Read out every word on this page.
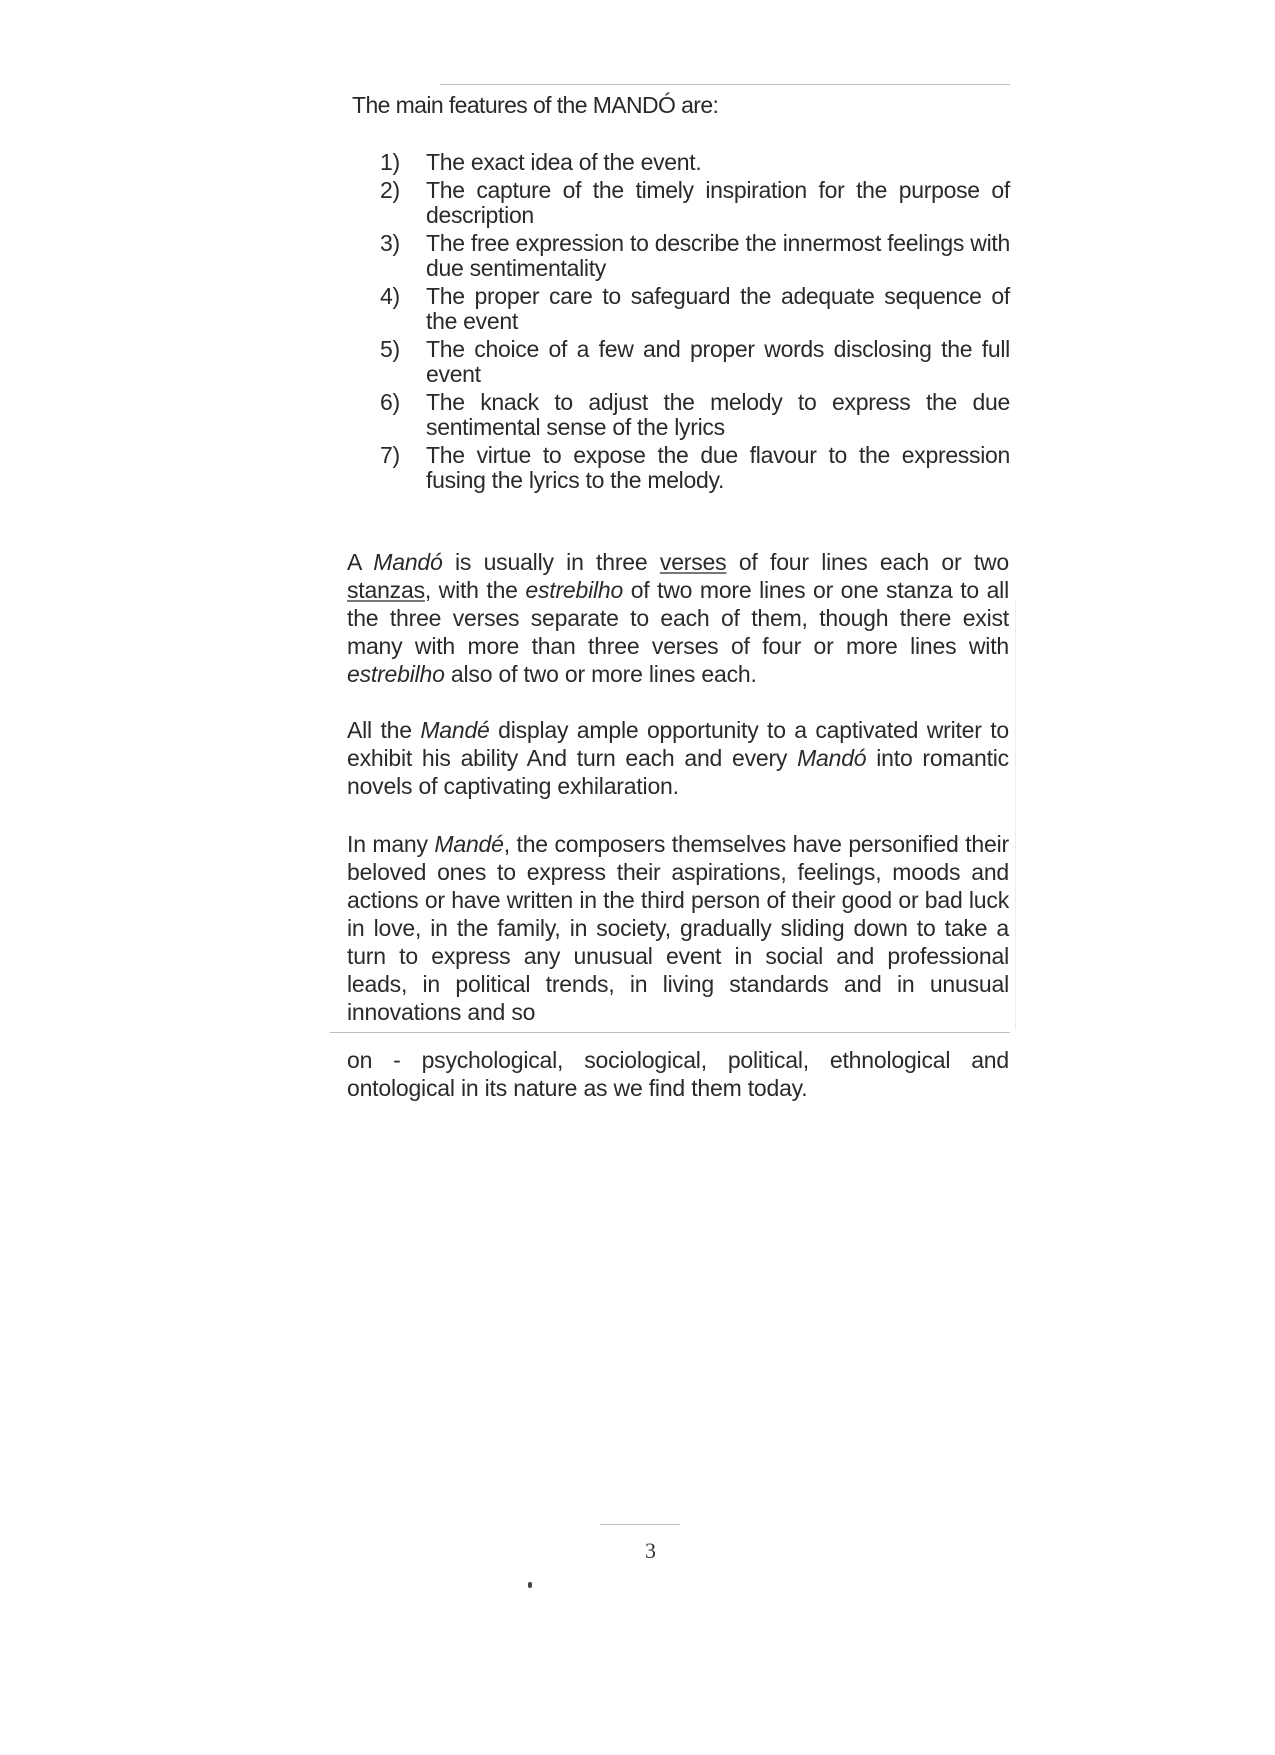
The main features of the MANDÓ are:
1) The exact idea of the event.
2) The capture of the timely inspiration for the purpose of description
3) The free expression to describe the innermost feelings with due sentimentality
4) The proper care to safeguard the adequate sequence of the event
5) The choice of a few and proper words disclosing the full event
6) The knack to adjust the melody to express the due sentimental sense of the lyrics
7) The virtue to expose the due flavour to the expression fusing the lyrics to the melody.

A Mandó is usually in three verses of four lines each or two stanzas, with the estrebilho of two more lines or one stanza to all the three verses separate to each of them, though there exist many with more than three verses of four or more lines with estrebilho also of two or more lines each.

All the Mandé display ample opportunity to a captivated writer to exhibit his ability And turn each and every Mandó into romantic novels of captivating exhilaration.

In many Mandé, the composers themselves have personified their beloved ones to express their aspirations, feelings, moods and actions or have written in the third person of their good or bad luck in love, in the family, in society, gradually sliding down to take a turn to express any unusual event in social and professional leads, in political trends, in living standards and in unusual innovations and so

on - psychological, sociological, political, ethnological and ontological in its nature as we find them today.

3
